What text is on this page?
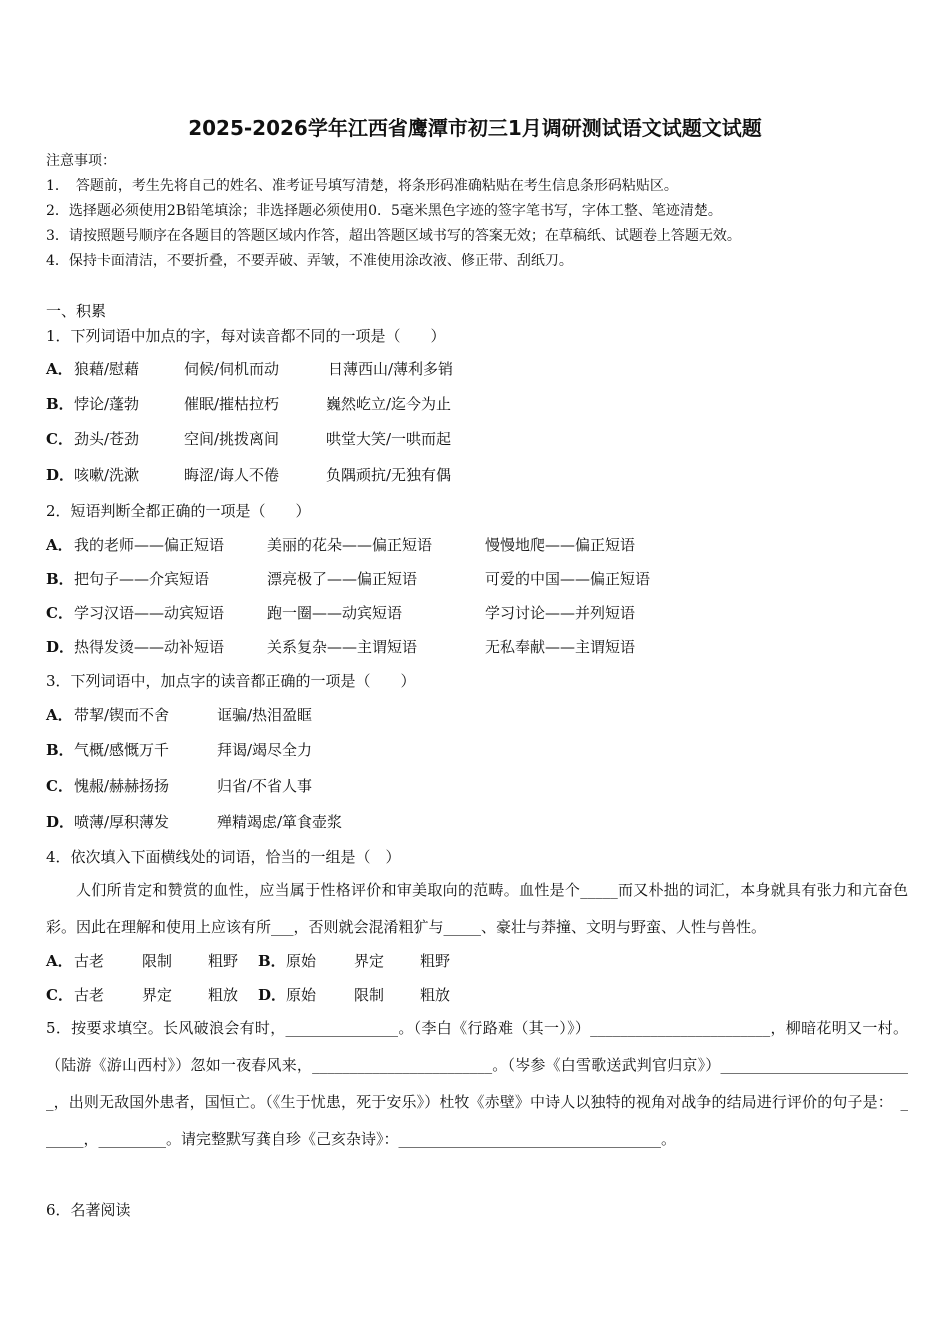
2025-2026学年江西省鹰潭市初三1月调研测试语文试题文试题
注意事项：
1．　答题前，考生先将自己的姓名、准考证号填写清楚，将条形码准确粘贴在考生信息条形码粘贴区。
2．选择题必须使用2B铅笔填涂；非选择题必须使用0．5毫米黑色字迹的签字笔书写，字体工整、笔迹清楚。
3．请按照题号顺序在各题目的答题区域内作答，超出答题区域书写的答案无效；在草稿纸、试题卷上答题无效。
4．保持卡面清洁，不要折叠，不要弄破、弄皱，不准使用涂改液、修正带、刮纸刀。
一、积累
1．下列词语中加点的字，每对读音都不同的一项是（　　）
A．狼藉/慰藉	伺候/伺机而动	日薄西山/薄利多销
B．悖论/蓬勃	催眠/摧枯拉朽	巍然屹立/迄今为止
C．劲头/苍劲	空间/挑拨离间	哄堂大笑/一哄而起
D．咳嗽/洗漱	晦涩/诲人不倦	负隅顽抗/无独有偶
2．短语判断全都正确的一项是（　　）
A．我的老师——偏正短语	美丽的花朵——偏正短语	慢慢地爬——偏正短语
B．把句子——介宾短语	漂亮极了——偏正短语	可爱的中国——偏正短语
C．学习汉语——动宾短语	跑一圈——动宾短语	学习讨论——并列短语
D．热得发烫——动补短语	关系复杂——主谓短语	无私奉献——主谓短语
3．下列词语中，加点字的读音都正确的一项是（　　）
A．带挈/锲而不舍	诓骗/热泪盈眶
B．气概/感慨万千	拜谒/竭尽全力
C．愧赧/赫赫扬扬	归省/不省人事
D．喷薄/厚积薄发	殚精竭虑/箪食壶浆
4．依次填入下面横线处的词语，恰当的一组是（　）
人们所肯定和赞赏的血性，应当属于性格评价和审美取向的范畴。血性是个_____而又朴拙的词汇，本身就具有张力和亢奋色彩。因此在理解和使用上应该有所___，否则就会混淆粗犷与_____、豪壮与莽撞、文明与野蛮、人性与兽性。
A．古老	限制 粗野 B． 原始	界定 粗野
C．古老	界定 粗放 D． 原始	限制 粗放
5．按要求填空。长风破浪会有时，_______________。（李白《行路难（其一）》）________________________，柳暗花明又一村。（陆游《游山西村》）忽如一夜春风来，________________________。（岑参《白雪歌送武判官归京》）__________________________，出则无敌国外患者，国恒亡。（《生于忧患，死于安乐》）杜牧《赤壁》中诗人以独特的视角对战争的结局进行评价的句子是：　______，_________。请完整默写龚自珍《己亥杂诗》：___________________________________。
6．名著阅读
